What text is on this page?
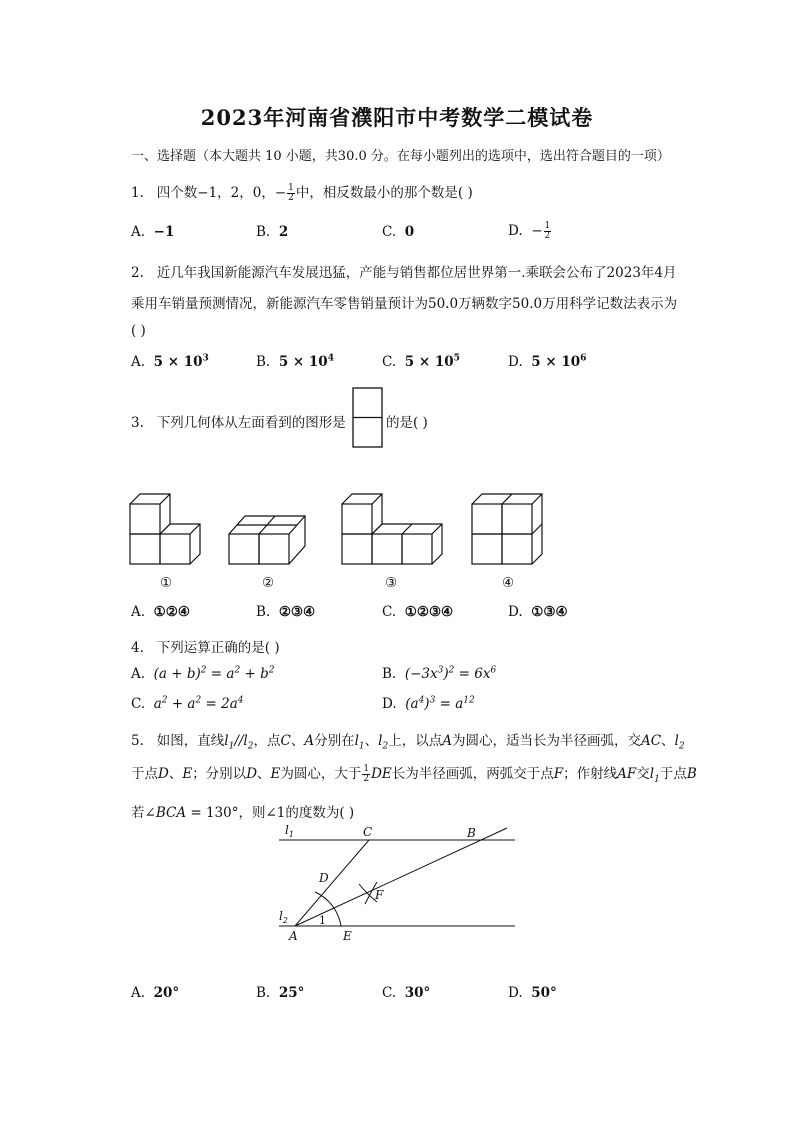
2023年河南省濮阳市中考数学二模试卷
一、选择题（本大题共 10 小题，共30.0 分。在每小题列出的选项中，选出符合题目的一项）
1. 四个数−1，2，0，− $\frac{1}{2}$ 中，相反数最小的那个数是( )
A. −1	B. 2	C. 0	D. − $\frac{1}{2}$
2. 近几年我国新能源汽车发展迅猛，产能与销售都位居世界第一.乘联会公布了2023年4月
乘用车销量预测情况，新能源汽车零售销量预计为50.0万辆数字50.0万用科学记数法表示为
( )
A. $5 \times 10^3$	B. $5 \times 10^4$	C. $5 \times 10^5$	D. $5 \times 10^6$
3. 下列几何体从左面看到的图形是	的是( )
①	②	③	④
A. ①②④	B. ②③④	C. ①②③④	D. ①③④
4. 下列运算正确的是( )
A. $(a + b)^2 = a^2 + b^2$	B. $(-3x^3)^2 = 6x^6$
C. $a^2 + a^2 = 2a^4$	D. $(a^4)^3 = a^{12}$
5. 如图，直线$l_1//l_2$，点C、A分别在$l_1$、$l_2$上，以点A为圆心，适当长为半径画弧，交AC、$l_2$
于点D、E；分别以D、E为圆心，大于 $\frac{1}{2}$ DE长为半径画弧，两弧交于点F；作射线AF交$l_1$于点B
若∠BCA = 130°，则∠1的度数为( )
$l_1$	C	B
D
F
$l_2$
A	E
1
A. 20°	B. 25°	C. 30°	D. 50°
